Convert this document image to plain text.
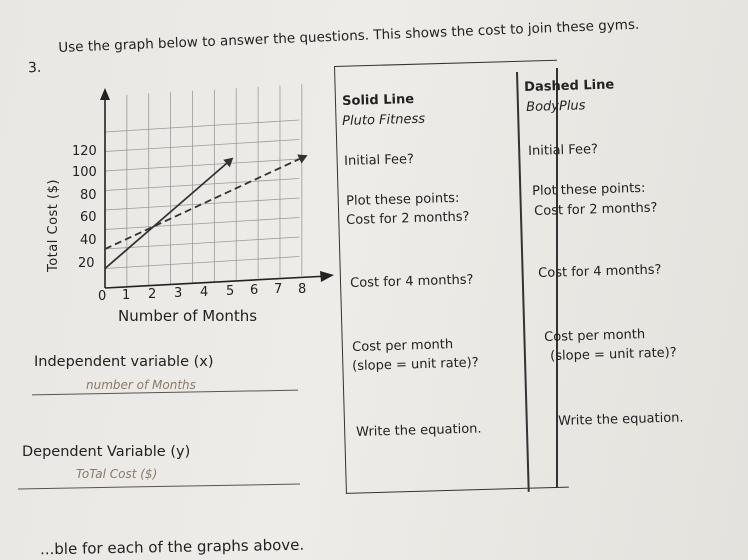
3.
Use the graph below to answer the questions. This shows the cost to join these gyms.
Total Cost ($)
120
100
80
60
40
20
0 1 2 3 4 5 6 7 8
Number of Months
Independent variable (x)
number of Months
Dependent Variable (y)
ToTal Cost ($)
Solid Line
Pluto Fitness
Initial Fee?
Plot these points:
Cost for 2 months?
Cost for 4 months?
Cost per month
(slope = unit rate)?
Write the equation.
Dashed Line
BodyPlus
Initial Fee?
Plot these points:
Cost for 2 months?
Cost for 4 months?
Cost per month
(slope = unit rate)?
Write the equation.
...ble for each of the graphs above.
